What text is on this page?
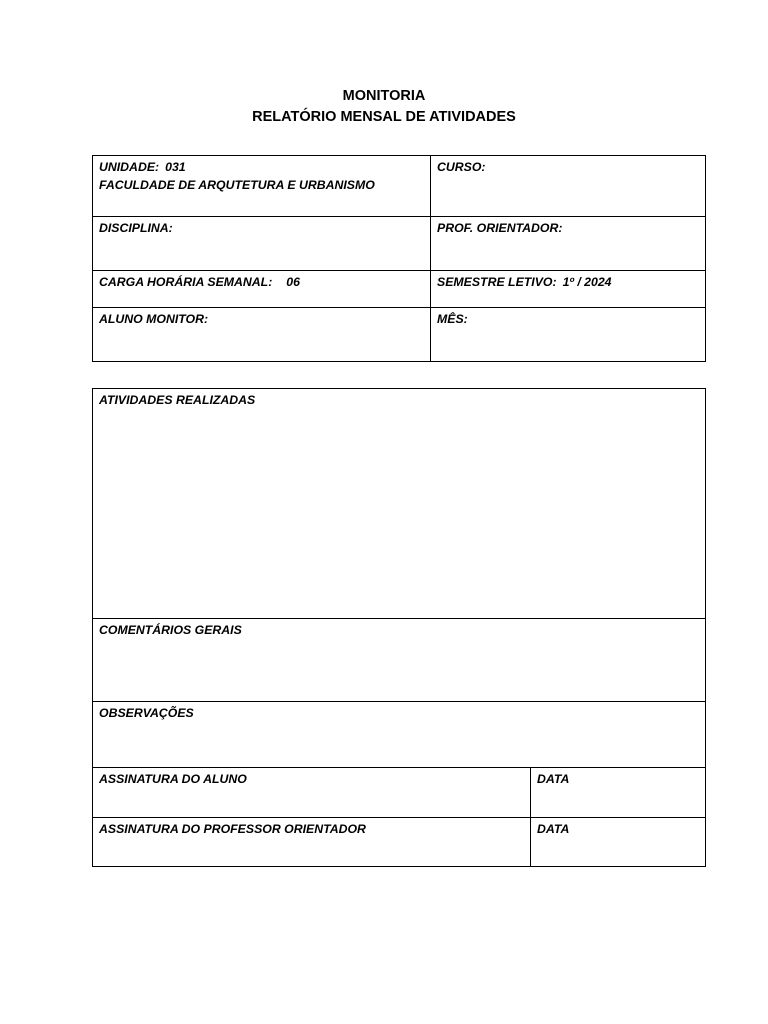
MONITORIA
RELATÓRIO MENSAL DE ATIVIDADES
UNIDADE: 031
FACULDADE DE ARQUTETURA E URBANISMO	CURSO:
DISCIPLINA:	PROF. ORIENTADOR:
CARGA HORÁRIA SEMANAL: 06	SEMESTRE LETIVO: 1º / 2024
ALUNO MONITOR:	MÊS:
ATIVIDADES REALIZADAS	
COMENTÁRIOS GERAIS	
OBSERVAÇÕES	
ASSINATURA DO ALUNO	DATA
ASSINATURA DO PROFESSOR ORIENTADOR	DATA
